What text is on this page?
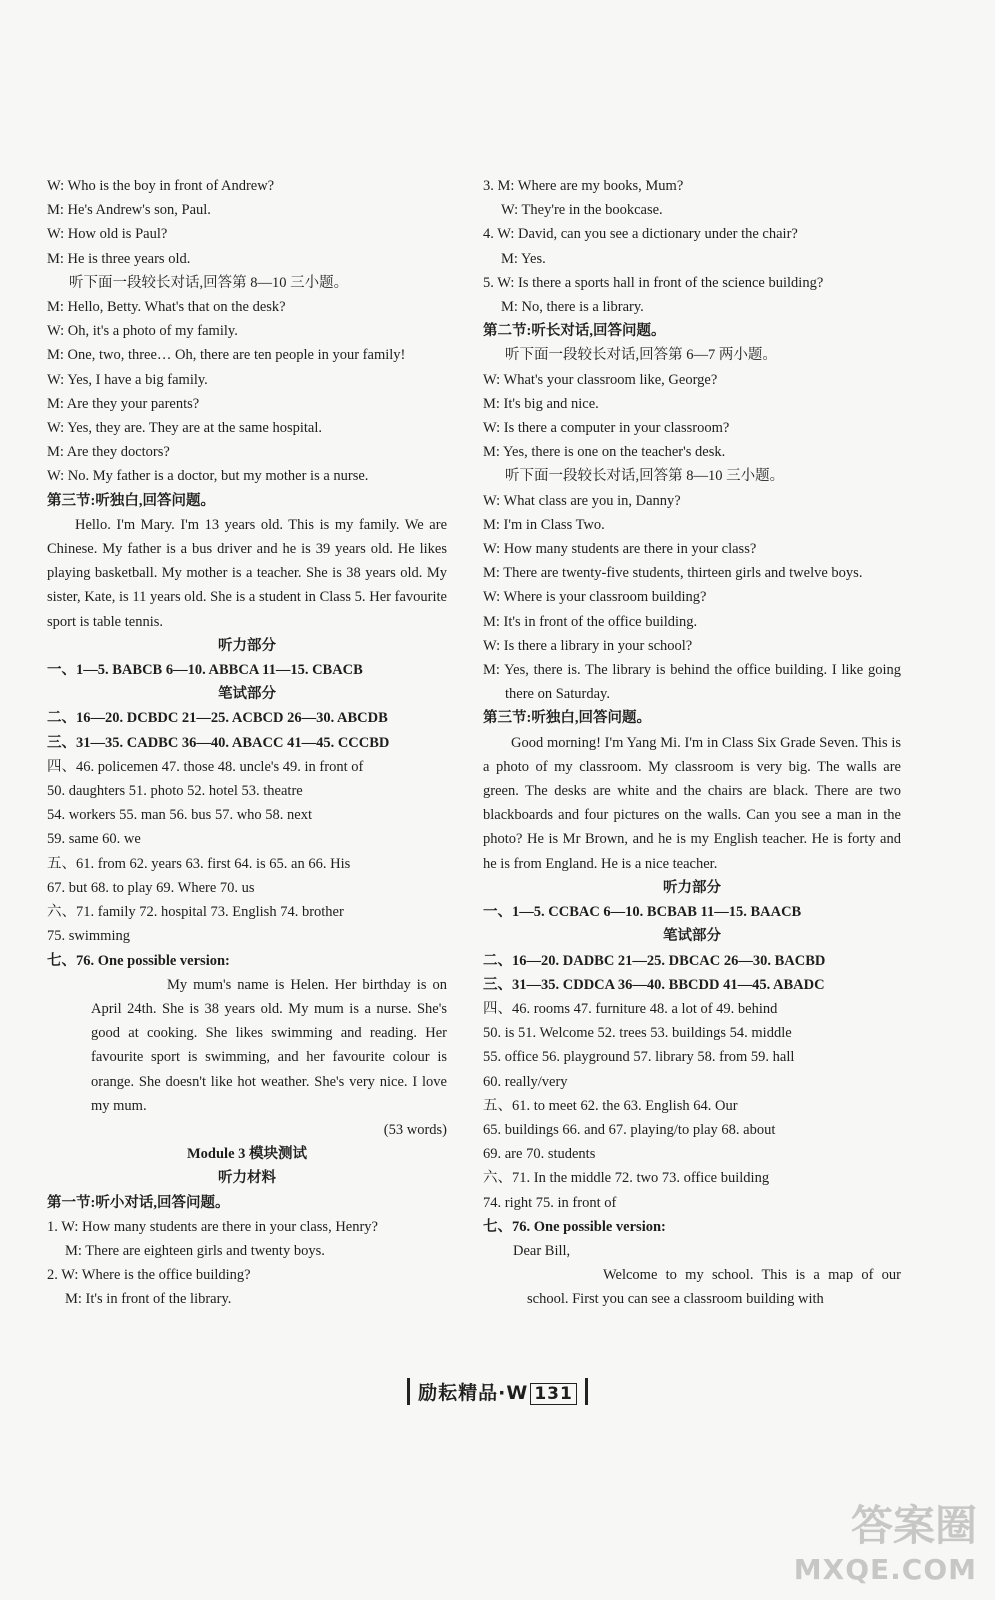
W: Who is the boy in front of Andrew?
M: He's Andrew's son, Paul.
W: How old is Paul?
M: He is three years old.
听下面一段较长对话,回答第 8—10 三小题。
M: Hello, Betty. What's that on the desk?
W: Oh, it's a photo of my family.
M: One, two, three… Oh, there are ten people in your family!
W: Yes, I have a big family.
M: Are they your parents?
W: Yes, they are. They are at the same hospital.
M: Are they doctors?
W: No. My father is a doctor, but my mother is a nurse.
第三节:听独白,回答问题。
Hello. I'm Mary. I'm 13 years old. This is my family. We are Chinese. My father is a bus driver and he is 39 years old. He likes playing basketball. My mother is a teacher. She is 38 years old. My sister, Kate, is 11 years old. She is a student in Class 5. Her favourite sport is table tennis.
听力部分
一、1—5. BABCB 6—10. ABBCA 11—15. CBACB
笔试部分
二、16—20. DCBDC 21—25. ACBCD 26—30. ABCDB
三、31—35. CADBC 36—40. ABACC 41—45. CCCBD
四、46. policemen 47. those 48. uncle's 49. in front of
50. daughters 51. photo 52. hotel 53. theatre
54. workers 55. man 56. bus 57. who 58. next
59. same 60. we
五、61. from 62. years 63. first 64. is 65. an 66. His
67. but 68. to play 69. Where 70. us
六、71. family 72. hospital 73. English 74. brother
75. swimming
七、76. One possible version:
My mum's name is Helen. Her birthday is on April 24th. She is 38 years old. My mum is a nurse. She's good at cooking. She likes swimming and reading. Her favourite sport is swimming, and her favourite colour is orange. She doesn't like hot weather. She's very nice. I love my mum.
(53 words)
Module 3 模块测试
听力材料
第一节:听小对话,回答问题。
1. W: How many students are there in your class, Henry?
M: There are eighteen girls and twenty boys.
2. W: Where is the office building?
M: It's in front of the library.
3. M: Where are my books, Mum?
W: They're in the bookcase.
4. W: David, can you see a dictionary under the chair?
M: Yes.
5. W: Is there a sports hall in front of the science building?
M: No, there is a library.
第二节:听长对话,回答问题。
听下面一段较长对话,回答第 6—7 两小题。
W: What's your classroom like, George?
M: It's big and nice.
W: Is there a computer in your classroom?
M: Yes, there is one on the teacher's desk.
听下面一段较长对话,回答第 8—10 三小题。
W: What class are you in, Danny?
M: I'm in Class Two.
W: How many students are there in your class?
M: There are twenty-five students, thirteen girls and twelve boys.
W: Where is your classroom building?
M: It's in front of the office building.
W: Is there a library in your school?
M: Yes, there is. The library is behind the office building. I like going there on Saturday.
第三节:听独白,回答问题。
Good morning! I'm Yang Mi. I'm in Class Six Grade Seven. This is a photo of my classroom. My classroom is very big. The walls are green. The desks are white and the chairs are black. There are two blackboards and four pictures on the walls. Can you see a man in the photo? He is Mr Brown, and he is my English teacher. He is forty and he is from England. He is a nice teacher.
听力部分
一、1—5. CCBAC 6—10. BCBAB 11—15. BAACB
笔试部分
二、16—20. DADBC 21—25. DBCAC 26—30. BACBD
三、31—35. CDDCA 36—40. BBCDD 41—45. ABADC
四、46. rooms 47. furniture 48. a lot of 49. behind
50. is 51. Welcome 52. trees 53. buildings 54. middle
55. office 56. playground 57. library 58. from 59. hall
60. really/very
五、61. to meet 62. the 63. English 64. Our
65. buildings 66. and 67. playing/to play 68. about
69. are 70. students
六、71. In the middle 72. two 73. office building
74. right 75. in front of
七、76. One possible version:
Dear Bill,
Welcome to my school. This is a map of our school. First you can see a classroom building with
励耘精品·W 131
答案圈
MXQE.COM
